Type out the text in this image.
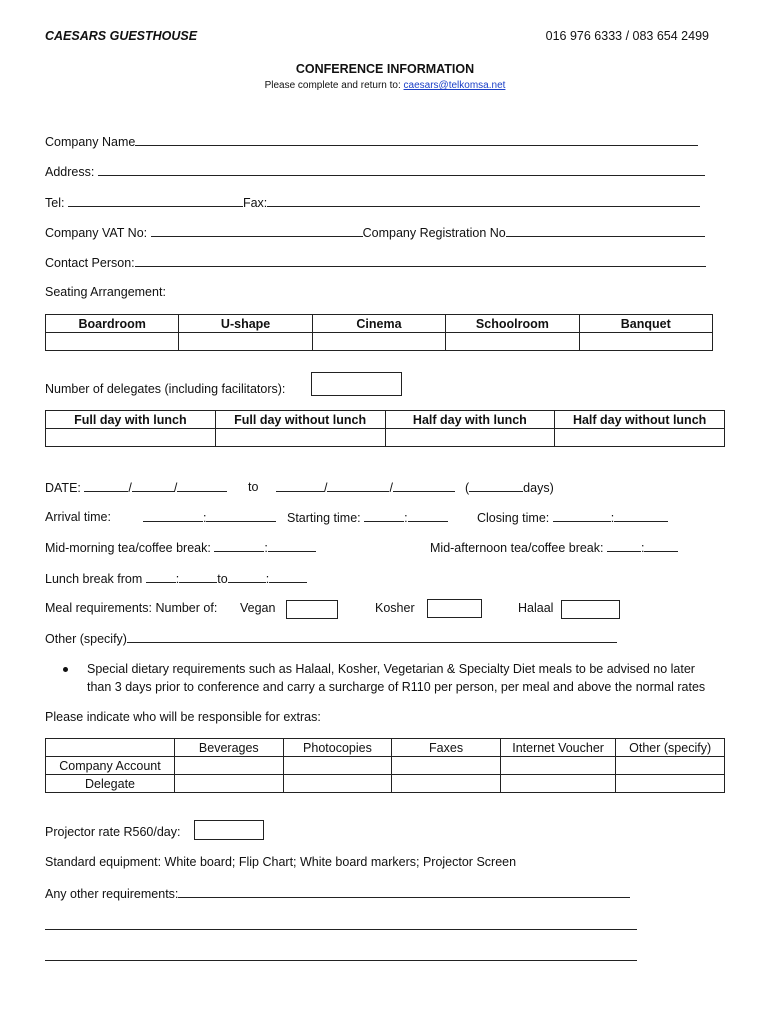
CAESARS GUESTHOUSE	016 976 6333 / 083 654 2499
CONFERENCE INFORMATION
Please complete and return to: caesars@telkomsa.net
Company Name
Address:
Tel:	Fax:
Company VAT No:	Company Registration No
Contact Person:
Seating Arrangement:
Boardroom	U-shape	Cinema	Schoolroom	Banquet

Number of delegates (including facilitators):
Full day with lunch	Full day without lunch	Half day with lunch	Half day without lunch

DATE:	/	/	to	/	/	(	days)
Arrival time:	:	Starting time:	:	Closing time:	:
Mid-morning tea/coffee break:	:	Mid-afternoon tea/coffee break:	:
Lunch break from	:	to	:
Meal requirements: Number of: Vegan	Kosher	Halaal
Other (specify)
Special dietary requirements such as Halaal, Kosher, Vegetarian & Specialty Diet meals to be advised no later
than 3 days prior to conference and carry a surcharge of R110 per person, per meal and above the normal rates
Please indicate who will be responsible for extras:
	Beverages	Photocopies	Faxes	Internet Voucher	Other (specify)
Company Account					
Delegate					
Projector rate R560/day:
Standard equipment: White board; Flip Chart; White board markers; Projector Screen
Any other requirements:
